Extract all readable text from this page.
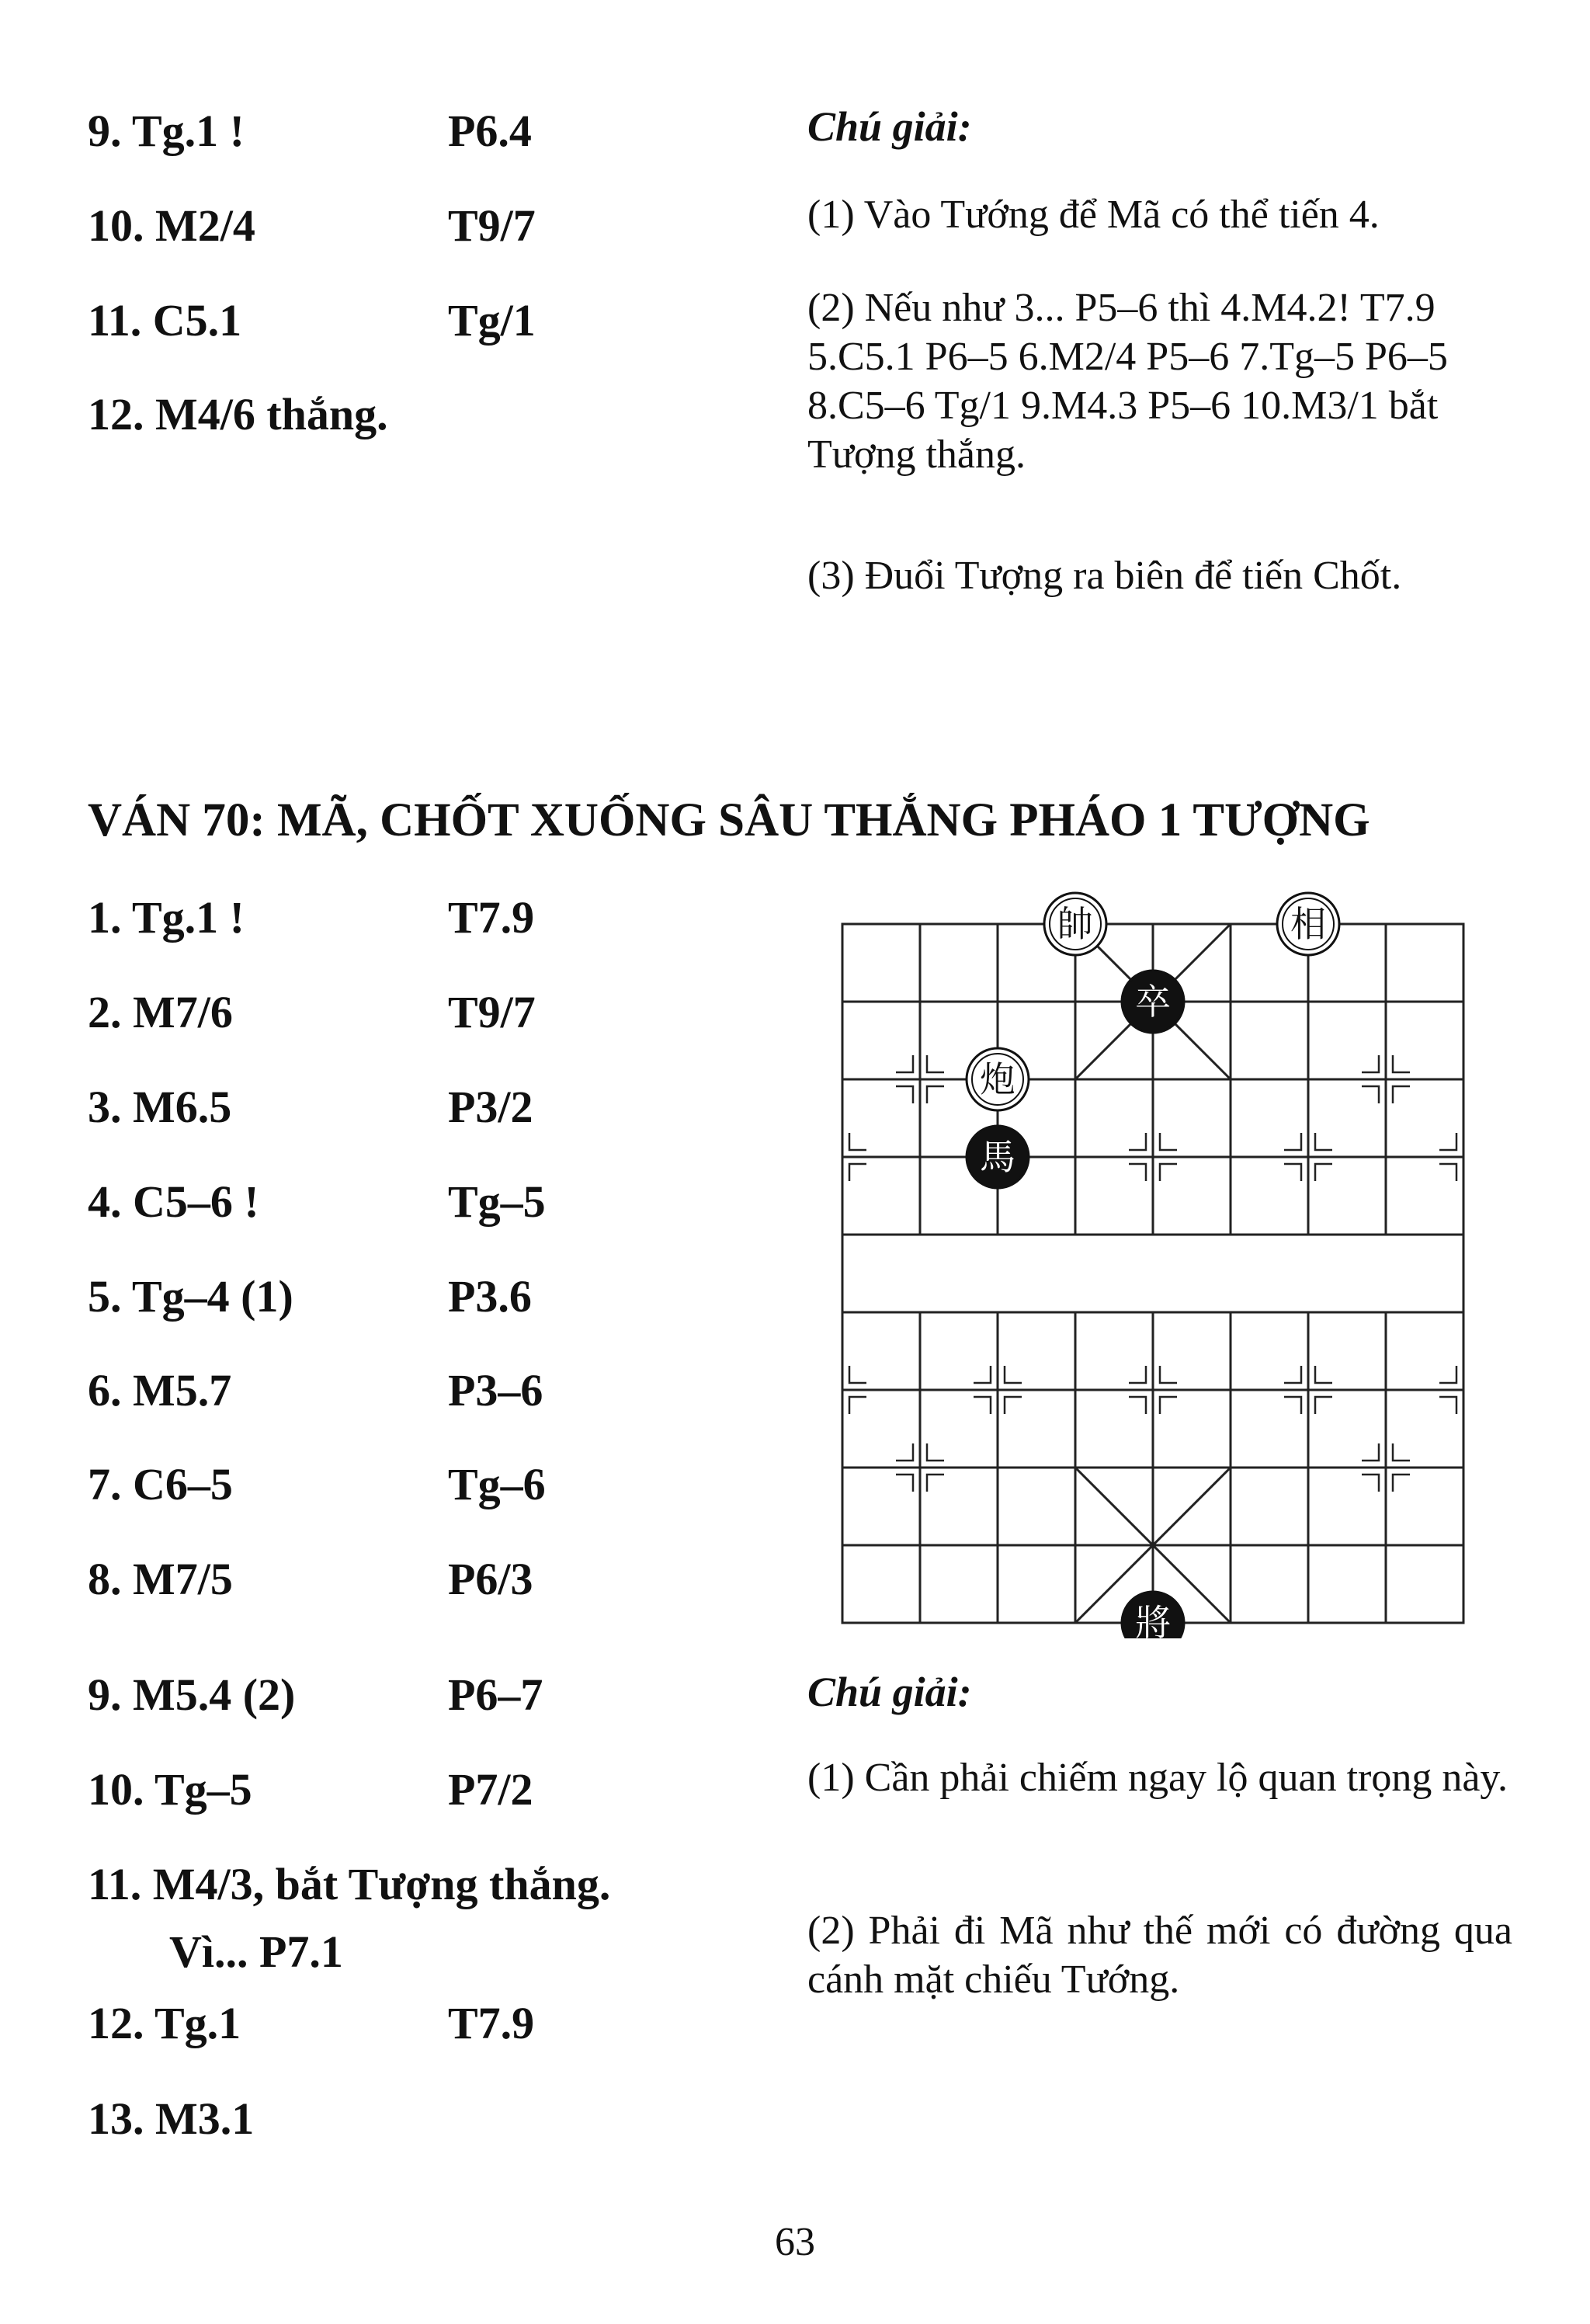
9. Tg.1 !	P6.4
10. M2/4	T9/7
11. C5.1	Tg/1
12. M4/6 thắng.
Chú giải:
(1) Vào Tướng để Mã có thể tiến 4.
(2) Nếu như 3... P5–6 thì 4.M4.2! T7.9 5.C5.1 P6–5 6.M2/4 P5–6 7.Tg–5 P6–5 8.C5–6 Tg/1 9.M4.3 P5–6 10.M3/1 bắt Tượng thắng.
(3) Đuổi Tượng ra biên để tiến Chốt.
VÁN 70: MÃ, CHỐT XUỐNG SÂU THẮNG PHÁO 1 TƯỢNG
1. Tg.1 !	T7.9
2. M7/6	T9/7
3. M6.5	P3/2
4. C5–6 !	Tg–5
5. Tg–4 (1)	P3.6
6. M5.7	P3–6
7. C6–5	Tg–6
8. M7/5	P6/3
9. M5.4 (2)	P6–7
10. Tg–5	P7/2
11. M4/3, bắt Tượng thắng.
Vì... P7.1
12. Tg.1	T7.9
13. M3.1
帥	相
卒
炮
馬
將
Chú giải:
(1) Cần phải chiếm ngay lộ quan trọng này.
(2) Phải đi Mã như thế mới có đường qua cánh mặt chiếu Tướng.
63
